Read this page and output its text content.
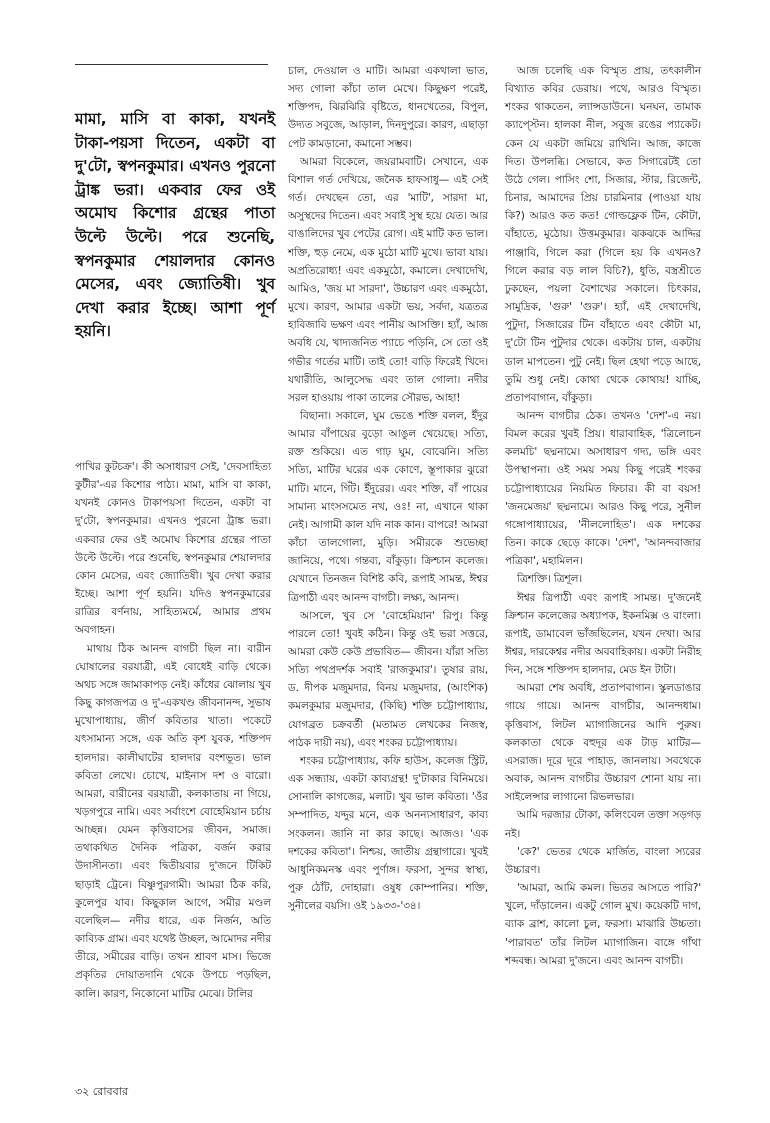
মামা, মাসি বা কাকা, যখনই টাকা-পয়সা দিতেন, একটা বা দু'টো, স্বপনকুমার। এখনও পুরনো ট্রাঙ্ক ভরা। একবার ফের ওই অমোঘ কিশোর গ্রন্থের পাতা উল্টে উল্টে। পরে শুনেছি, স্বপনকুমার শেয়ালদার কোনও মেসের, এবং জ্যোতিষী। খুব দেখা করার ইচ্ছে। আশা পূর্ণ হয়নি।

পাখির কুটচক্র'। কী অসাধারণ সেই, 'দেবসাহিত্য কুটীর'-এর কিশোর পাঠ্য। মামা, মাসি বা কাকা, যখনই কোনও টাকাপয়সা দিতেন, একটা বা দু'টো, স্বপনকুমার। এখনও পুরনো ট্রাঙ্ক ভরা। একবার ফের ওই অমোঘ কিশোর গ্রন্থের পাতা উল্টে উল্টে। পরে শুনেছি, স্বপনকুমার শেয়ালদার কোন মেসের, এবং জ্যোতিষী। খুব দেখা করার ইচ্ছে। আশা পূর্ণ হয়নি। যদিও স্বপনকুমারের রাত্রির বর্ণনায়, সাহিত্যমর্মে, আমার প্রথম অবগাহন।

মাথায় ঠিক আনন্দ বাগচী ছিল না। বারীন ঘোষালের বরযাত্রী, এই বোধেই বাড়ি থেকে। অথচ সঙ্গে জামাকাপড় নেই। কাঁধের ঝোলায় খুব কিছু কাগজপত্র ও দু'-একখণ্ড জীবনানন্দ, সুভাষ মুখোপাধ্যায়, জীর্ণ কবিতার খাতা। পকেটে যৎসামান্য সঙ্গে, এক অতি কৃশ যুবক, শক্তিপদ হালদার। কালীঘাটের হালদার বংশভূত। ভাল কবিতা লেখে। চোখে, মাইনাস দশ ও বারো। আমরা, বারীনের বরযাত্রী, কলকাতায় না গিয়ে, খড়গপুরে নামি। এবং সর্বাংশে বোহেমিয়ান চর্চায় আচ্ছন্ন। যেমন কৃত্তিবাসের জীবন, সমাজ। তথাকথিত দৈনিক পত্রিকা, বর্জন করার উদাসীনতা। এবং দ্বিতীয়বার দু'জনে টিকিট ছাড়াই ট্রেনে। বিষ্ণুপুরগামী। আমরা ঠিক করি, কুলেপুর যাব। কিছুকাল আগে, সমীর মণ্ডল বলেছিল— নদীর ধারে, এক নির্জন, অতি কাব্যিক গ্রাম। এবং যথেষ্ট উচ্ছল, আমোদর নদীর তীরে, সমীরের বাড়ি। তখন শ্রাবণ মাস। ভিজে প্রকৃতির দোয়াতদানি থেকে উপচে পড়ছিল, কালি। কারণ, নিকোনো মাটির মেঝে। টালির

চাল, দেওয়াল ও মাটি। আমরা একথালা ভাত, সদ্য গোলা কাঁচা তাল মেখে। কিছুক্ষণ পরেই, শক্তিপদ, ঝিরঝিরি বৃষ্টিতে, ধানখেতের, বিপুল, উদ্যত সবুজে, আড়াল, দিনদুপুরে। কারণ, এছাড়া পেট কামড়ানো, কমানো সম্ভব।

আমরা বিকেলে, জয়রামবাটি। সেখানে, এক বিশাল গর্ত দেখিয়ে, জনৈক হাফসাধু— এই সেই গর্ত। দেখছেন তো, এর 'মাটি', সারদা মা, অসুস্থদের দিতেন। এবং সবাই সুস্থ হয়ে যেত। আর বাঙালিদের খুব পেটের রোগ। এই মাটি কত ভাল। শক্তি, হুড় নেমে, এক মুঠো মাটি মুখে। ভাবা যায়। অপ্রতিরোধ্য! এবং একমুঠো, কমালে। দেখাদেখি, আমিও, 'জয় মা সারদা', উচ্চারণ এবং একমুঠো, মুখে। কারণ, আমার একটা ভয়, সর্বদা, যত্রতত্র হাবিজাবি ভক্ষণ এবং পানীয় আসক্তি। হ্যাঁ, আজ অবধি যে, খাদ্যজনিত প্যাচে পড়িনি, সে তো ওই গভীর গর্তের মাটি। তাই তো! বাড়ি ফিরেই খিদে। যথারীতি, আলুসেদ্ধ এবং তাল গোলা। নদীর সরল হাওয়ায় পাকা তালের সৌরভ, আহা!

বিছানা। সকালে, ঘুম ভেঙে শক্তি বলল, ইঁদুর আমার বাঁপায়ের বুড়ো আঙুল খেয়েছে। সত্যি, রক্ত শুকিয়ে। এত গাঢ় ঘুম, বোঝেনি। সত্যি সত্যি, মাটির ঘরের এক কোণে, স্তূপাকার ঝুরো মাটি। মানে, গিঁট। ইঁদুরের। এবং শক্তি, বাঁ পায়ের সামান্য মাংসসমেত নখ, ওঃ! না, এখানে থাকা নেই। আগামী কাল যদি নাক কান। বাপরে! আমরা কাঁচা তালগোলা, মুড়ি। সমীরকে শুভেচ্ছা জানিয়ে, পথে। গন্তব্য, বাঁকুড়া। ক্রিশ্চান কলেজ। যেখানে তিনজন বিশিষ্ট কবি, রূপাই সামন্ত, ঈশ্বর ত্রিপাঠী এবং আনন্দ বাগচী। লক্ষ্য, আনন্দ।

আসলে, খুব সে 'বোহেমিয়ান' রিপু। কিন্তু পারলে তো! খুবই কঠিন। কিন্তু ওই ভরা সত্তরে, আমরা কেউ কেউ প্রভাবিত— জীবন। যাঁরা সত্যি সত্যি পথপ্রদর্শক সবাই 'রাজকুমার'। তুষার রায়, ড. দীপক মজুমদার, বিনয় মজুমদার, (আংশিক) কমলকুমার মজুমদার, (কিছি) শক্তি চট্টোপাধ্যায়, যোগব্রত চক্রবর্তী (মতামত লেখকের নিজস্ব, পাঠক দায়ী নয়), এবং শংকর চট্টোপাধ্যায়।

শংকর চট্টোপাধ্যায়, কফি হাউস, কলেজ স্ট্রিট, এক সন্ধ্যায়, একটা কাব্যগ্রন্থ! দু'টাকার বিনিময়ে। সোনালি কাগজের, মলাট। খুব ভাল কবিতা। 'ওঁর সম্পাদিত, যদ্দুর মনে, এক অনন্যসাধারণ, কাব্য সংকলন। জানি না কার কাছে। আজও। 'এক দশকের কবিতা'। নিশ্চয়, জাতীয় গ্রন্থাগারে। খুবই আধুনিকমনস্ক এবং পুর্ণাঙ্গ। ফরসা, সুন্দর স্বাস্থ্য, পুরু ঠোঁট, দোহারা। ওষুধ কোম্পানির। শক্তি, সুনীলের বয়সি। ওই ১৯৩৩-'৩৪।

আজ চলেছি এক বিস্মৃত প্রায়, তৎকালীন বিখ্যাত কবির ডেরায়। পথে, আরও বিস্মৃত। শংকর থাকতেন, ল্যান্সডাউনে। ঘনঘন, তামাক ক্যাপ্স্টেন। হালকা নীল, সবুজ রঙের প্যাকেট। কেন যে একটা জমিয়ে রাখিনি। আজ, কাজে দিত। উপলব্ধি। সেভাবে, কত সিগারেটই তো উঠে গেল। পাসিং শো, সিজার, স্টার, রিজেন্ট, চিনার, আমাদের প্রিয় চারমিনার (পাওয়া যায় কি?) আরও কত কত! গোল্ডফ্লেক টিন, কৌটা, বাঁহাতে, মুঠোয়। উত্তমকুমার। ঝকঝকে আদ্দির পাঞ্জাবি, গিলে করা (গিলে হয় কি এখনও? গিলে করার বড় লাল বিচি?), ধুতি, বস্ত্রশ্রীতে ঢুকছেন, পয়লা বৈশাখের সকালে। চিৎকার, সামুদ্রিক, 'গুরু' 'গুরু'। হ্যাঁ, এই দেখাদেখি, পুটুদা, সিজারের টিন বাঁহাতে এবং কৌটা মা, দু'টো টিন পুটুদার থেকে। একটায় চাল, একটায় ডাল মাপতেন। পুটু নেই। ছিল হেথা পড়ে আছে, তুমি শুধু নেই। কোথা থেকে কোথায়! যাচ্ছি, প্রতাপবাগান, বাঁকুড়া।

আনন্দ বাগচীর ঠেক। তখনও 'দেশ'-এ নয়। বিমল করের খুবই প্রিয়। ধারাবাহিক, 'ত্রিলোচন কলমচি' ছদ্মনামে। অসাধারণ গদ্য, ভঙ্গি এবং উপস্থাপনা। ওই সময় সময় কিছু পরেই শংকর চট্টোপাধ্যায়ের নিয়মিত ফিচার। কী বা বয়স! 'জনমেজয়' ছদ্মনামে। আরও কিছু পরে, সুনীল গঙ্গোপাধ্যায়ের, 'নীললোহিত'। এক দশকের তিন। কাকে ছেড়ে কাকে। 'দেশ', 'আনন্দবাজার পত্রিকা', মহামিলন।

ত্রিশক্তি। ত্রিশূল।

ঈশ্বর ত্রিপাঠী এবং রূপাই সামন্ত। দু'জনেই ক্রিশ্চান কলেজের অধ্যাপক, ইকনমিক্স ও বাংলা। রূপাই, ডামাবেল ভাঁজছিলেন, যখন দেখা। আর ঈশ্বর, দারকেশ্বর নদীর অববাহিকায়। একটা নিরীহ দিন, সঙ্গে শক্তিপদ হালদার, মেড ইন টাটা।

আমরা শেষ অবধি, প্রতাপবাগান। স্কুলডাঙার গায়ে গায়ে। আনন্দ বাগচীর, আনন্দধাম। কৃত্তিবাস, লিটল ম্যাগাজিনের আদি পুরুষ। কলকাতা থেকে বহুদূর এক টাড় মাটির— এসরাজ। দূরে দূরে পাহাড়, জানলায়। সবথেকে অবাক, আনন্দ বাগচীর উচ্চারণ শোনা যায় না। সাইলেন্সার লাগানো রিভলভার।

আমি দরজার টোকা, কলিংবেল তক্তা সড়গড় নই।

'কে?' ভেতর থেকে মার্জিত, বাংলা স্যরের উচ্চারণ।

'আমরা, আমি কমল। ভিতর আসতে পারি?' খুলে, দাঁড়ালেন। একটু গোল মুখ। কয়েকটি দাগ, ব্যাক ব্রাশ, কালো চুল, ফরসা। মাঝারি উচ্চতা। 'পারাবত' তাঁর লিটল ম্যাগাজিন। বাঙ্গে গাঁথা শব্দবন্ধ। আমরা দু'জনে। এবং আনন্দ বাগচী।

৩২ রোববার
